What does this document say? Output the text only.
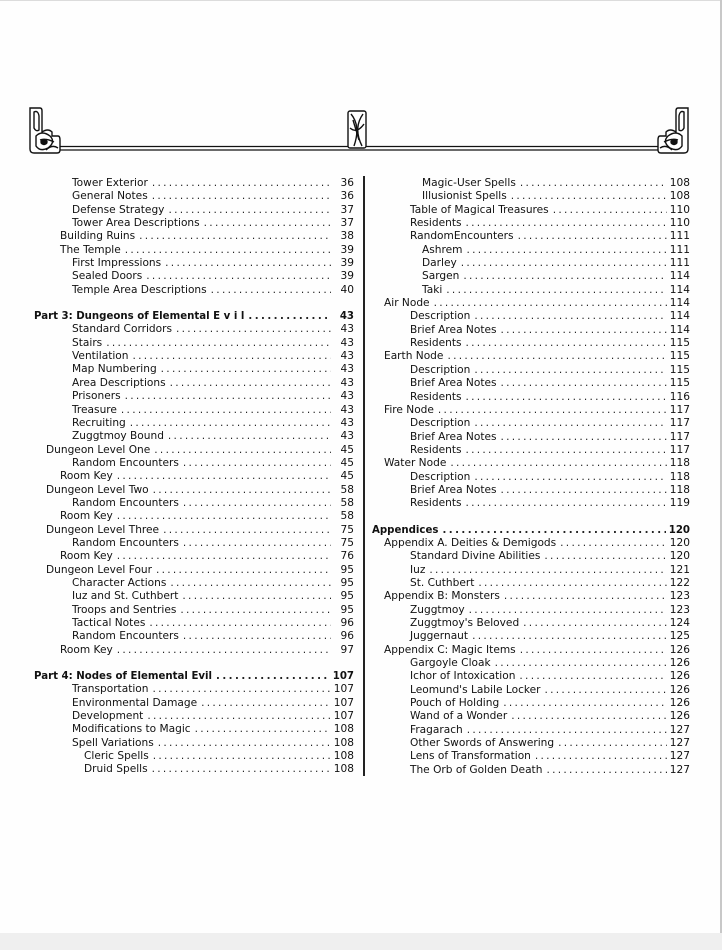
Tower Exterior . . .	36
General Notes . . .	36
Defense Strategy . . .	37
Tower Area Descriptions . . .	37
Building Ruins . . .	38
The Temple . . .	39
First Impressions . . .	39
Sealed Doors . . .	39
Temple Area Descriptions . . .	40
Part 3: Dungeons of Elemental E v i l . . .	43
Standard Corridors . . .	43
Stairs . . .	43
Ventilation . . .	43
Map Numbering . . .	43
Area Descriptions . . .	43
Prisoners . . .	43
Treasure . . .	43
Recruiting . . .	43
Zuggtmoy Bound . . .	43
Dungeon Level One . . .	45
Random Encounters . . .	45
Room Key . . .	45
Dungeon Level Two . . .	58
Random Encounters . . .	58
Room Key . . .	58
Dungeon Level Three . . .	75
Random Encounters . . .	75
Room Key . . .	76
Dungeon Level Four . . .	95
Character Actions . . .	95
Iuz and St. Cuthbert . . .	95
Troops and Sentries . . .	95
Tactical Notes . . .	96
Random Encounters . . .	96
Room Key . . .	97
Part 4: Nodes of Elemental Evil . . .	107
Transportation . . .	107
Environmental Damage . . .	107
Development . . .	107
Modifications to Magic . . .	108
Spell Variations . . .	108
Cleric Spells . . .	108
Druid Spells . . .	108
Magic-User Spells . . .	108
Illusionist Spells . . .	108
Table of Magical Treasures . . .	110
Residents . . .	110
RandomEncounters . . .	111
Ashrem . . .	111
Darley . . .	111
Sargen . . .	114
Taki . . .	114
Air Node . . .	114
Description . . .	114
Brief Area Notes . . .	114
Residents . . .	115
Earth Node . . .	115
Description . . .	115
Brief Area Notes . . .	115
Residents . . .	116
Fire Node . . .	117
Description . . .	117
Brief Area Notes . . .	117
Residents . . .	117
Water Node . . .	118
Description . . .	118
Brief Area Notes . . .	118
Residents . . .	119
Appendices . . .	120
Appendix A. Deities & Demigods . . .	120
Standard Divine Abilities . . .	120
Iuz . . .	121
St. Cuthbert . . .	122
Appendix B: Monsters . . .	123
Zuggtmoy . . .	123
Zuggtmoy's Beloved . . .	124
Juggernaut . . .	125
Appendix C: Magic Items . . .	126
Gargoyle Cloak . . .	126
Ichor of Intoxication . . .	126
Leomund's Labile Locker . . .	126
Pouch of Holding . . .	126
Wand of a Wonder . . .	126
Fragarach . . .	127
Other Swords of Answering . . .	127
Lens of Transformation . . .	127
The Orb of Golden Death . . .	127
